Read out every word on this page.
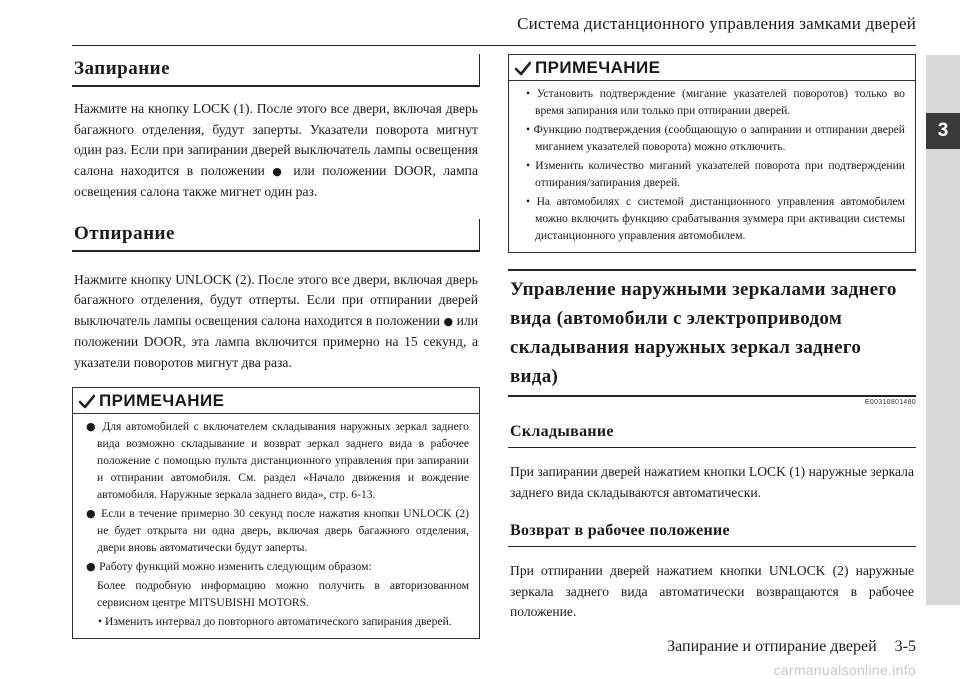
Система дистанционного управления замками дверей
3
Запирание

Нажмите на кнопку LOCK (1). После этого все двери, включая дверь багажного отделения, будут заперты. Указатели поворота мигнут один раз. Если при запирании дверей выключатель лампы освещения салона находится в положении ● или положении DOOR, лампа освещения салона также мигнет один раз.

Отпирание

Нажмите кнопку UNLOCK (2). После этого все двери, включая дверь багажного отделения, будут отперты. Если при отпирании дверей выключатель лампы освещения салона находится в положении ● или положении DOOR, эта лампа включится примерно на 15 секунд, а указатели поворотов мигнут два раза.

ПРИМЕЧАНИЕ
● Для автомобилей с включателем складывания наружных зеркал заднего вида возможно складывание и возврат зеркал заднего вида в рабочее положение с помощью пульта дистанционного управления при запирании и отпирании автомобиля. См. раздел «Начало движения и вождение автомобиля. Наружные зеркала заднего вида», стр. 6-13.
● Если в течение примерно 30 секунд после нажатия кнопки UNLOCK (2) не будет открыта ни одна дверь, включая дверь багажного отделения, двери вновь автоматически будут заперты.
● Работу функций можно изменить следующим образом:
Более подробную информацию можно получить в авторизованном сервисном центре MITSUBISHI MOTORS.
• Изменить интервал до повторного автоматического запирания дверей.
ПРИМЕЧАНИЕ
• Установить подтверждение (мигание указателей поворотов) только во время запирания или только при отпирании дверей.
• Функцию подтверждения (сообщающую о запирании и отпирании дверей миганием указателей поворота) можно отключить.
• Изменить количество миганий указателей поворота при подтверждении отпирания/запирания дверей.
• На автомобилях с системой дистанционного управления автомобилем можно включить функцию срабатывания зуммера при активации системы дистанционного управления автомобилем.
Управление наружными зеркалами заднего вида (автомобили с электроприводом складывания наружных зеркал заднего вида)
E00310801480
Складывание

При запирании дверей нажатием кнопки LOCK (1) наружные зеркала заднего вида складываются автоматически.

Возврат в рабочее положение

При отпирании дверей нажатием кнопки UNLOCK (2) наружные зеркала заднего вида автоматически возвращаются в рабочее положение.

Запирание и отпирание дверей 3-5
carmanualsonline.info
